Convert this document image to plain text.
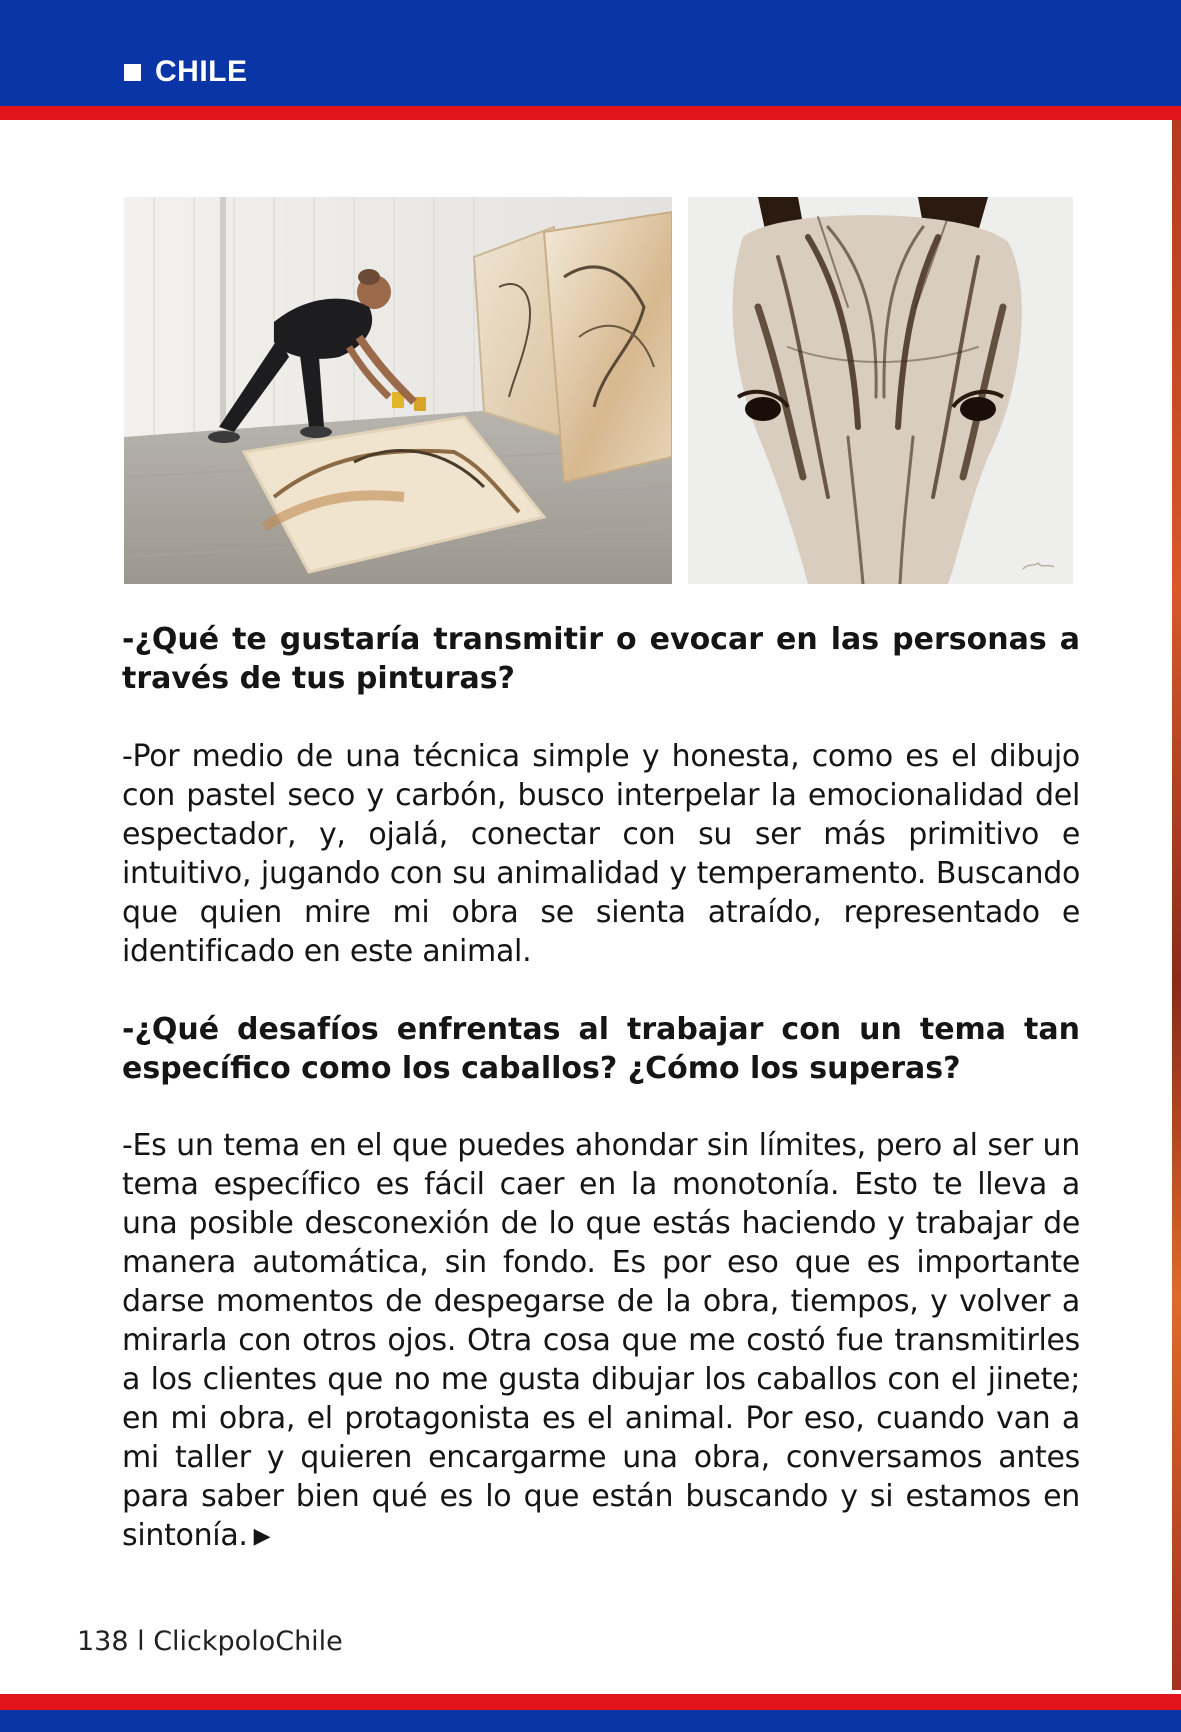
CHILE

-¿Qué te gustaría transmitir o evocar en las personas a través de tus pinturas?

-Por medio de una técnica simple y honesta, como es el dibujo con pastel seco y carbón, busco interpelar la emocionalidad del espectador, y, ojalá, conectar con su ser más primitivo e intuitivo, jugando con su animalidad y temperamento. Buscando que quien mire mi obra se sienta atraído, representado e identificado en este animal.

-¿Qué desafíos enfrentas al trabajar con un tema tan específico como los caballos? ¿Cómo los superas?

-Es un tema en el que puedes ahondar sin límites, pero al ser un tema específico es fácil caer en la monotonía. Esto te lleva a una posible desconexión de lo que estás haciendo y trabajar de manera automática, sin fondo. Es por eso que es importante darse momentos de despegarse de la obra, tiempos, y volver a mirarla con otros ojos. Otra cosa que me costó fue transmitirles a los clientes que no me gusta dibujar los caballos con el jinete; en mi obra, el protagonista es el animal. Por eso, cuando van a mi taller y quieren encargarme una obra, conversamos antes para saber bien qué es lo que están buscando y si estamos en sintonía. ▶

138 l ClickpoloChile
